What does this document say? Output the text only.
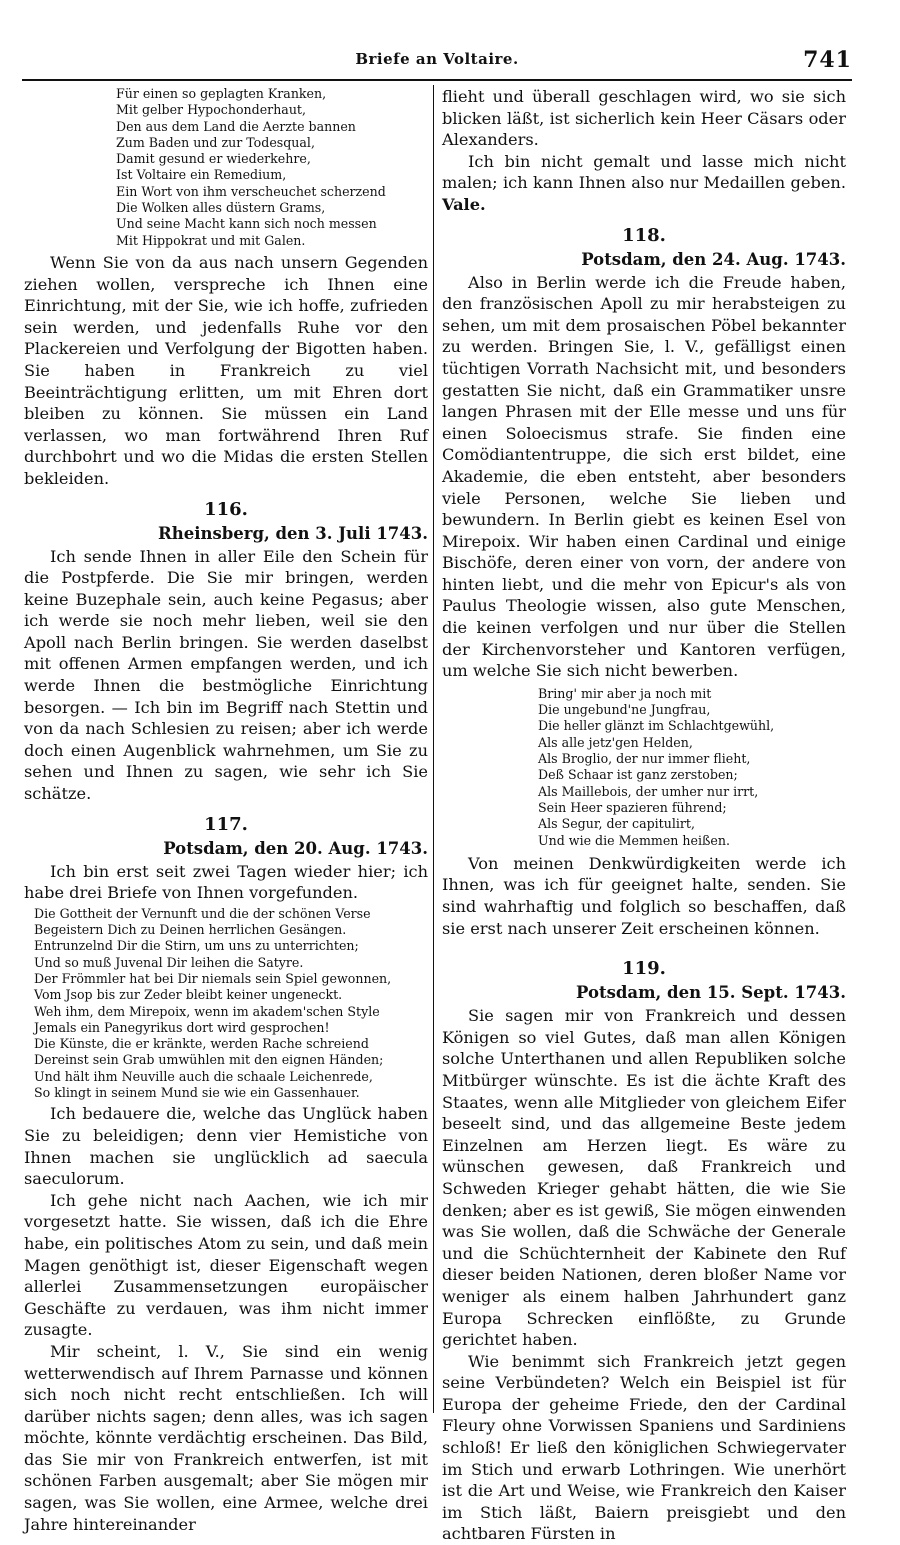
Briefe an Voltaire.	741
Für einen so geplagten Kranken,
Mit gelber Hypochonderhaut,
Den aus dem Land die Aerzte bannen
Zum Baden und zur Todesqual,
Damit gesund er wiederkehre,
Ist Voltaire ein Remedium,
Ein Wort von ihm verscheuchet scherzend
Die Wolken alles düstern Grams,
Und seine Macht kann sich noch messen
Mit Hippokrat und mit Galen.

Wenn Sie von da aus nach unsern Gegenden ziehen wollen, verspreche ich Ihnen eine Einrichtung, mit der Sie, wie ich hoffe, zufrieden sein werden, und jedenfalls Ruhe vor den Plackereien und Verfolgung der Bigotten haben. Sie haben in Frankreich zu viel Beeinträchtigung erlitten, um mit Ehren dort bleiben zu können. Sie müssen ein Land verlassen, wo man fortwährend Ihren Ruf durchbohrt und wo die Midas die ersten Stellen bekleiden.

116.
Rheinsberg, den 3. Juli 1743.

Ich sende Ihnen in aller Eile den Schein für die Postpferde. Die Sie mir bringen, werden keine Buzephale sein, auch keine Pegasus; aber ich werde sie noch mehr lieben, weil sie den Apoll nach Berlin bringen. Sie werden daselbst mit offenen Armen empfangen werden, und ich werde Ihnen die bestmögliche Einrichtung besorgen. — Ich bin im Begriff nach Stettin und von da nach Schlesien zu reisen; aber ich werde doch einen Augenblick wahrnehmen, um Sie zu sehen und Ihnen zu sagen, wie sehr ich Sie schätze.

117.
Potsdam, den 20. Aug. 1743.

Ich bin erst seit zwei Tagen wieder hier; ich habe drei Briefe von Ihnen vorgefunden.

Die Gottheit der Vernunft und die der schönen Verse
Begeistern Dich zu Deinen herrlichen Gesängen.
Entrunzelnd Dir die Stirn, um uns zu unterrichten;
Und so muß Juvenal Dir leihen die Satyre.
Der Frömmler hat bei Dir niemals sein Spiel gewonnen,
Vom Jsop bis zur Zeder bleibt keiner ungeneckt.
Weh ihm, dem Mirepoix, wenn im akadem'schen Style
Jemals ein Panegyrikus dort wird gesprochen!
Die Künste, die er kränkte, werden Rache schreiend
Dereinst sein Grab umwühlen mit den eignen Händen;
Und hält ihm Neuville auch die schaale Leichenrede,
So klingt in seinem Mund sie wie ein Gassenhauer.

Ich bedauere die, welche das Unglück haben Sie zu beleidigen; denn vier Hemistiche von Ihnen machen sie unglücklich ad saecula saeculorum.

Ich gehe nicht nach Aachen, wie ich mir vorgesetzt hatte. Sie wissen, daß ich die Ehre habe, ein politisches Atom zu sein, und daß mein Magen genöthigt ist, dieser Eigenschaft wegen allerlei Zusammensetzungen europäischer Geschäfte zu verdauen, was ihm nicht immer zusagte.

Mir scheint, l. V., Sie sind ein wenig wetterwendisch auf Ihrem Parnasse und können sich noch nicht recht entschließen. Ich will darüber nichts sagen; denn alles, was ich sagen möchte, könnte verdächtig erscheinen. Das Bild, das Sie mir von Frankreich entwerfen, ist mit schönen Farben ausgemalt; aber Sie mögen mir sagen, was Sie wollen, eine Armee, welche drei Jahre hintereinander

flieht und überall geschlagen wird, wo sie sich blicken läßt, ist sicherlich kein Heer Cäsars oder Alexanders.

Ich bin nicht gemalt und lasse mich nicht malen; ich kann Ihnen also nur Medaillen geben. Vale.

118.
Potsdam, den 24. Aug. 1743.

Also in Berlin werde ich die Freude haben, den französischen Apoll zu mir herabsteigen zu sehen, um mit dem prosaischen Pöbel bekannter zu werden. Bringen Sie, l. V., gefälligst einen tüchtigen Vorrath Nachsicht mit, und besonders gestatten Sie nicht, daß ein Grammatiker unsre langen Phrasen mit der Elle messe und uns für einen Soloecismus strafe. Sie finden eine Comödiantentruppe, die sich erst bildet, eine Akademie, die eben entsteht, aber besonders viele Personen, welche Sie lieben und bewundern. In Berlin giebt es keinen Esel von Mirepoix. Wir haben einen Cardinal und einige Bischöfe, deren einer von vorn, der andere von hinten liebt, und die mehr von Epicur's als von Paulus Theologie wissen, also gute Menschen, die keinen verfolgen und nur über die Stellen der Kirchenvorsteher und Kantoren verfügen, um welche Sie sich nicht bewerben.

Bring' mir aber ja noch mit
Die ungebund'ne Jungfrau,
Die heller glänzt im Schlachtgewühl,
Als alle jetz'gen Helden,
Als Broglio, der nur immer flieht,
Deß Schaar ist ganz zerstoben;
Als Maillebois, der umher nur irrt,
Sein Heer spazieren führend;
Als Segur, der capitulirt,
Und wie die Memmen heißen.

Von meinen Denkwürdigkeiten werde ich Ihnen, was ich für geeignet halte, senden. Sie sind wahrhaftig und folglich so beschaffen, daß sie erst nach unserer Zeit erscheinen können.

119.
Potsdam, den 15. Sept. 1743.

Sie sagen mir von Frankreich und dessen Königen so viel Gutes, daß man allen Königen solche Unterthanen und allen Republiken solche Mitbürger wünschte. Es ist die ächte Kraft des Staates, wenn alle Mitglieder von gleichem Eifer beseelt sind, und das allgemeine Beste jedem Einzelnen am Herzen liegt. Es wäre zu wünschen gewesen, daß Frankreich und Schweden Krieger gehabt hätten, die wie Sie denken; aber es ist gewiß, Sie mögen einwenden was Sie wollen, daß die Schwäche der Generale und die Schüchternheit der Kabinete den Ruf dieser beiden Nationen, deren bloßer Name vor weniger als einem halben Jahrhundert ganz Europa Schrecken einflößte, zu Grunde gerichtet haben.

Wie benimmt sich Frankreich jetzt gegen seine Verbündeten? Welch ein Beispiel ist für Europa der geheime Friede, den der Cardinal Fleury ohne Vorwissen Spaniens und Sardiniens schloß! Er ließ den königlichen Schwiegervater im Stich und erwarb Lothringen. Wie unerhört ist die Art und Weise, wie Frankreich den Kaiser im Stich läßt, Baiern preisgiebt und den achtbaren Fürsten in
